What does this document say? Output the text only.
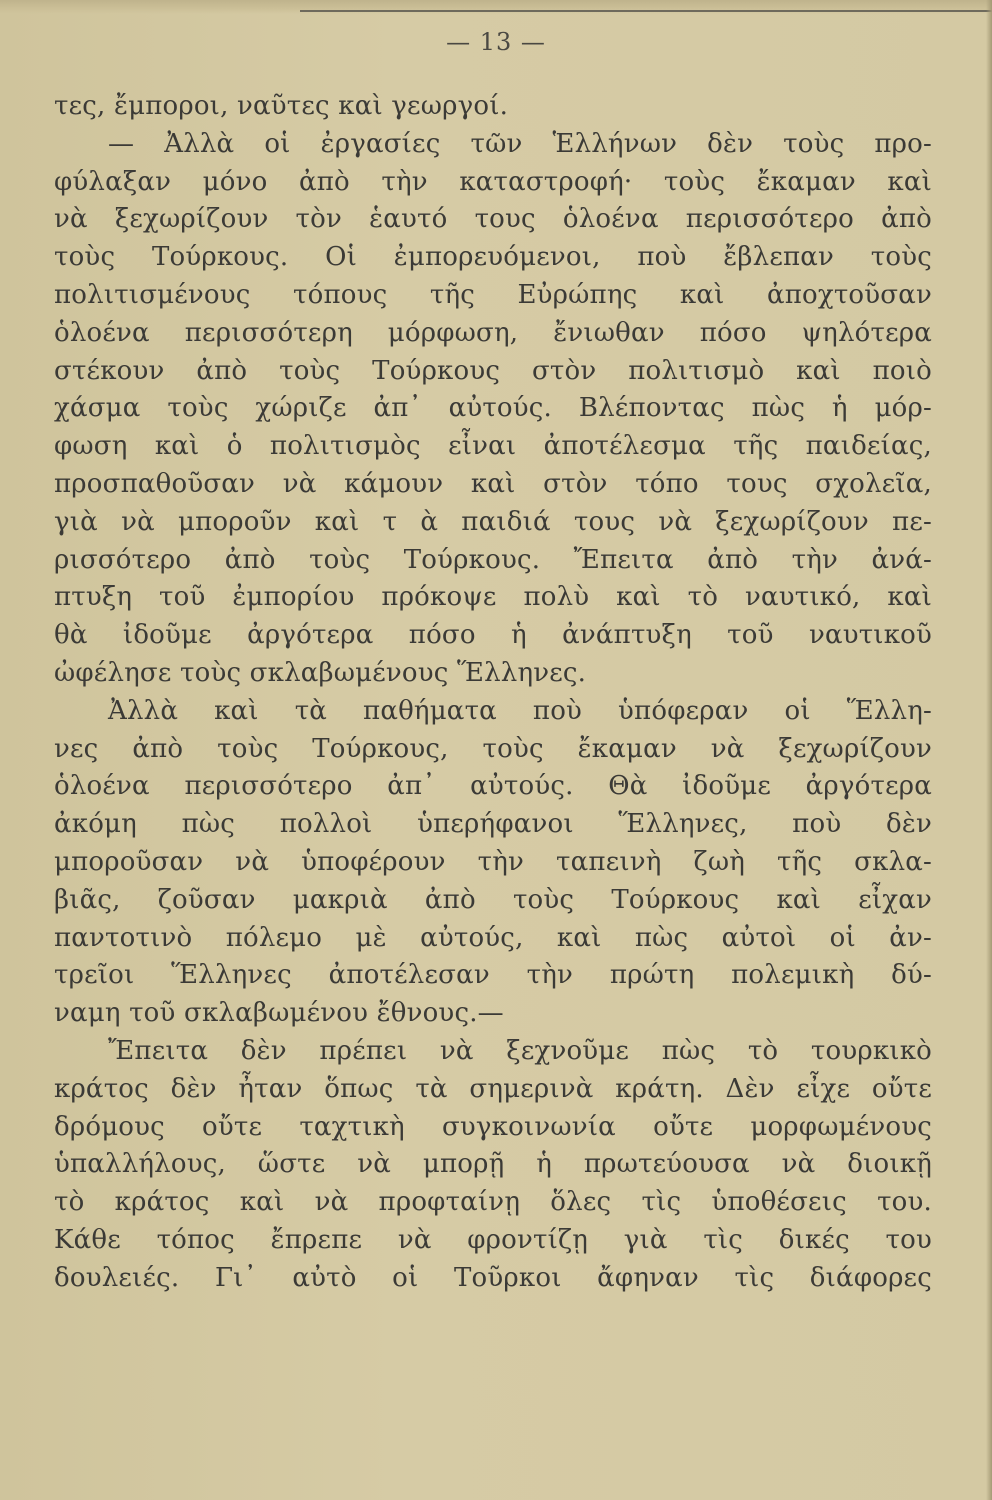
— 13 —
τες, ἔμποροι, ναῦτες καὶ γεωργοί.
— Ἀλλὰ οἱ ἐργασίες τῶν Ἑλλήνων δὲν τοὺς προ-
φύλαξαν μόνο ἀπὸ τὴν καταστροφή· τοὺς ἔκαμαν καὶ
νὰ ξεχωρίζουν τὸν ἑαυτό τους ὁλοένα περισσότερο ἀπὸ
τοὺς Τούρκους. Οἱ ἐμπορευόμενοι, ποὺ ἔβλεπαν τοὺς
πολιτισμένους τόπους τῆς Εὐρώπης καὶ ἀποχτοῦσαν
ὁλοένα περισσότερη μόρφωση, ἔνιωθαν πόσο ψηλότερα
στέκουν ἀπὸ τοὺς Τούρκους στὸν πολιτισμὸ καὶ ποιὸ
χάσμα τοὺς χώριζε ἀπ᾽ αὐτούς. Βλέποντας πὼς ἡ μόρ-
φωση καὶ ὁ πολιτισμὸς εἶναι ἀποτέλεσμα τῆς παιδείας,
προσπαθοῦσαν νὰ κάμουν καὶ στὸν τόπο τους σχολεῖα,
γιὰ νὰ μποροῦν καὶ τ ὰ παιδιά τους νὰ ξεχωρίζουν πε-
ρισσότερο ἀπὸ τοὺς Τούρκους. Ἔπειτα ἀπὸ τὴν ἀνά-
πτυξη τοῦ ἐμπορίου πρόκοψε πολὺ καὶ τὸ ναυτικό, καὶ
θὰ ἰδοῦμε ἀργότερα πόσο ἡ ἀνάπτυξη τοῦ ναυτικοῦ
ὠφέλησε τοὺς σκλαβωμένους Ἕλληνες.
Ἀλλὰ καὶ τὰ παθήματα ποὺ ὑπόφεραν οἱ Ἕλλη-
νες ἀπὸ τοὺς Τούρκους, τοὺς ἔκαμαν νὰ ξεχωρίζουν
ὁλοένα περισσότερο ἀπ᾽ αὐτούς. Θὰ ἰδοῦμε ἀργότερα
ἀκόμη πὼς πολλοὶ ὑπερήφανοι Ἕλληνες, ποὺ δὲν
μποροῦσαν νὰ ὑποφέρουν τὴν ταπεινὴ ζωὴ τῆς σκλα-
βιᾶς, ζοῦσαν μακριὰ ἀπὸ τοὺς Τούρκους καὶ εἶχαν
παντοτινὸ πόλεμο μὲ αὐτούς, καὶ πὼς αὐτοὶ οἱ ἀν-
τρεῖοι Ἕλληνες ἀποτέλεσαν τὴν πρώτη πολεμικὴ δύ-
ναμη τοῦ σκλαβωμένου ἔθνους.—
Ἔπειτα δὲν πρέπει νὰ ξεχνοῦμε πὼς τὸ τουρκικὸ
κράτος δὲν ἦταν ὅπως τὰ σημερινὰ κράτη. Δὲν εἶχε οὔτε
δρόμους οὔτε ταχτικὴ συγκοινωνία οὔτε μορφωμένους
ὑπαλλήλους, ὥστε νὰ μπορῇ ἡ πρωτεύουσα νὰ διοικῇ
τὸ κράτος καὶ νὰ προφταίνῃ ὅλες τὶς ὑποθέσεις του.
Κάθε τόπος ἔπρεπε νὰ φροντίζῃ γιὰ τὶς δικές του
δουλειές. Γι᾽ αὐτὸ οἱ Τοῦρκοι ἄφηναν τὶς διάφορες
